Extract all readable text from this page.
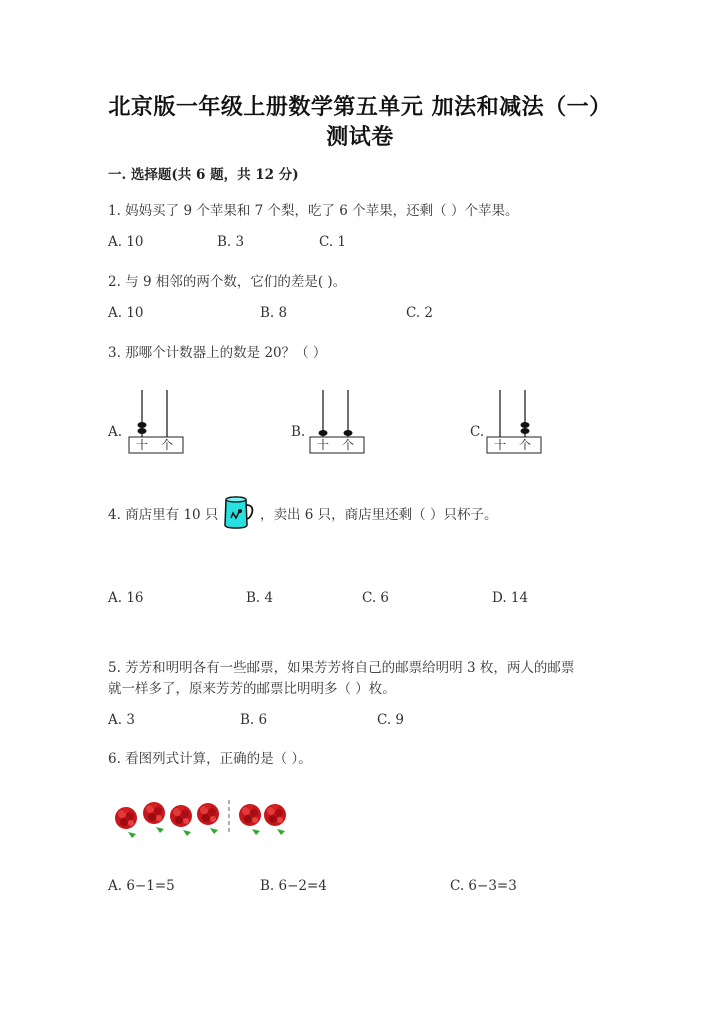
北京版一年级上册数学第五单元 加法和减法（一）
测试卷
一. 选择题(共 6 题，共 12 分)
1. 妈妈买了 9 个苹果和 7 个梨，吃了 6 个苹果，还剩（ ）个苹果。
A. 10	B. 3	C. 1
2. 与 9 相邻的两个数，它们的差是( )。
A. 10	B. 8	C. 2
3. 那哪个计数器上的数是 20？（ ）
A.
十 个
B.
十 个
C.
十 个
4. 商店里有 10 只	，卖出 6 只，商店里还剩（ ）只杯子。
A. 16	B. 4	C. 6	D. 14
5. 芳芳和明明各有一些邮票，如果芳芳将自己的邮票给明明 3 枚，两人的邮票
就一样多了，原来芳芳的邮票比明明多（ ）枚。
A. 3	B. 6	C. 9
6. 看图列式计算，正确的是（ ）。
A. 6−1=5	B. 6−2=4	C. 6−3=3
